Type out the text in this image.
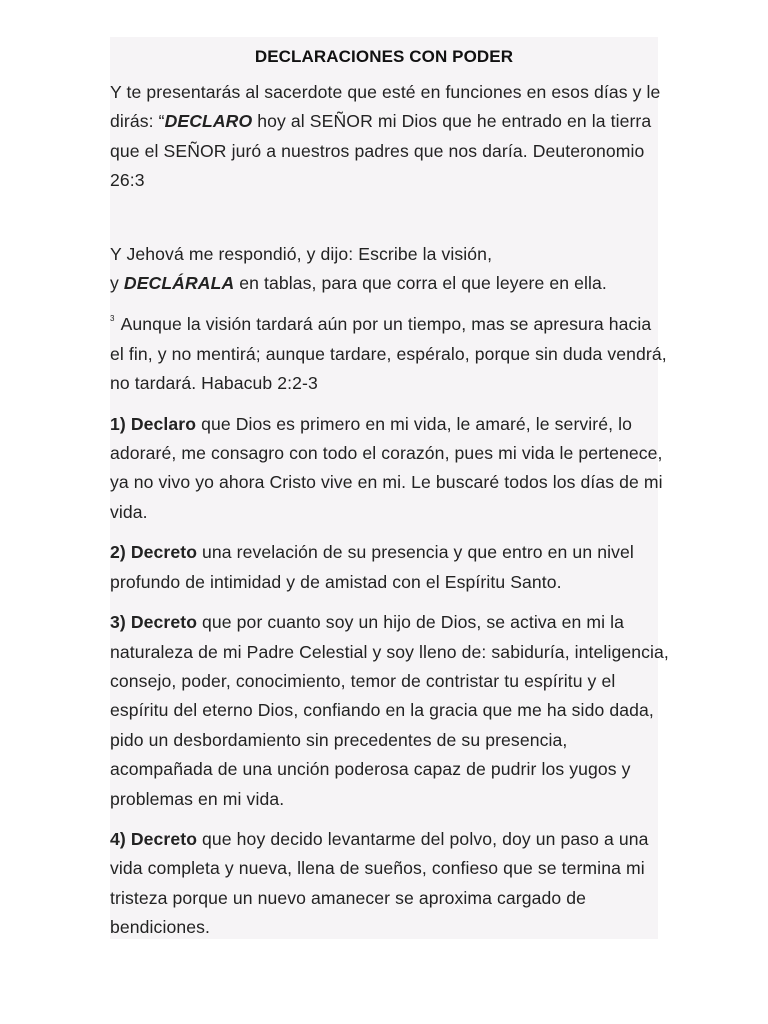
DECLARACIONES CON PODER

Y te presentarás al sacerdote que esté en funciones en esos días y le dirás: “DECLARO hoy al SEÑOR mi Dios que he entrado en la tierra que el SEÑOR juró a nuestros padres que nos daría. Deuteronomio 26:3

Y Jehová me respondió, y dijo: Escribe la visión,
y DECLÁRALA en tablas, para que corra el que leyere en ella.

$^3$ Aunque la visión tardará aún por un tiempo, mas se apresura hacia el fin, y no mentirá; aunque tardare, espéralo, porque sin duda vendrá, no tardará. Habacub 2:2-3

1) Declaro que Dios es primero en mi vida, le amaré, le serviré, lo adoraré, me consagro con todo el corazón, pues mi vida le pertenece, ya no vivo yo ahora Cristo vive en mi. Le buscaré todos los días de mi vida.

2) Decreto una revelación de su presencia y que entro en un nivel profundo de intimidad y de amistad con el Espíritu Santo.

3) Decreto que por cuanto soy un hijo de Dios, se activa en mi la naturaleza de mi Padre Celestial y soy lleno de: sabiduría, inteligencia, consejo, poder, conocimiento, temor de contristar tu espíritu y el espíritu del eterno Dios, confiando en la gracia que me ha sido dada, pido un desbordamiento sin precedentes de su presencia, acompañada de una unción poderosa capaz de pudrir los yugos y problemas en mi vida.

4) Decreto que hoy decido levantarme del polvo, doy un paso a una vida completa y nueva, llena de sueños, confieso que se termina mi tristeza porque un nuevo amanecer se aproxima cargado de bendiciones.
